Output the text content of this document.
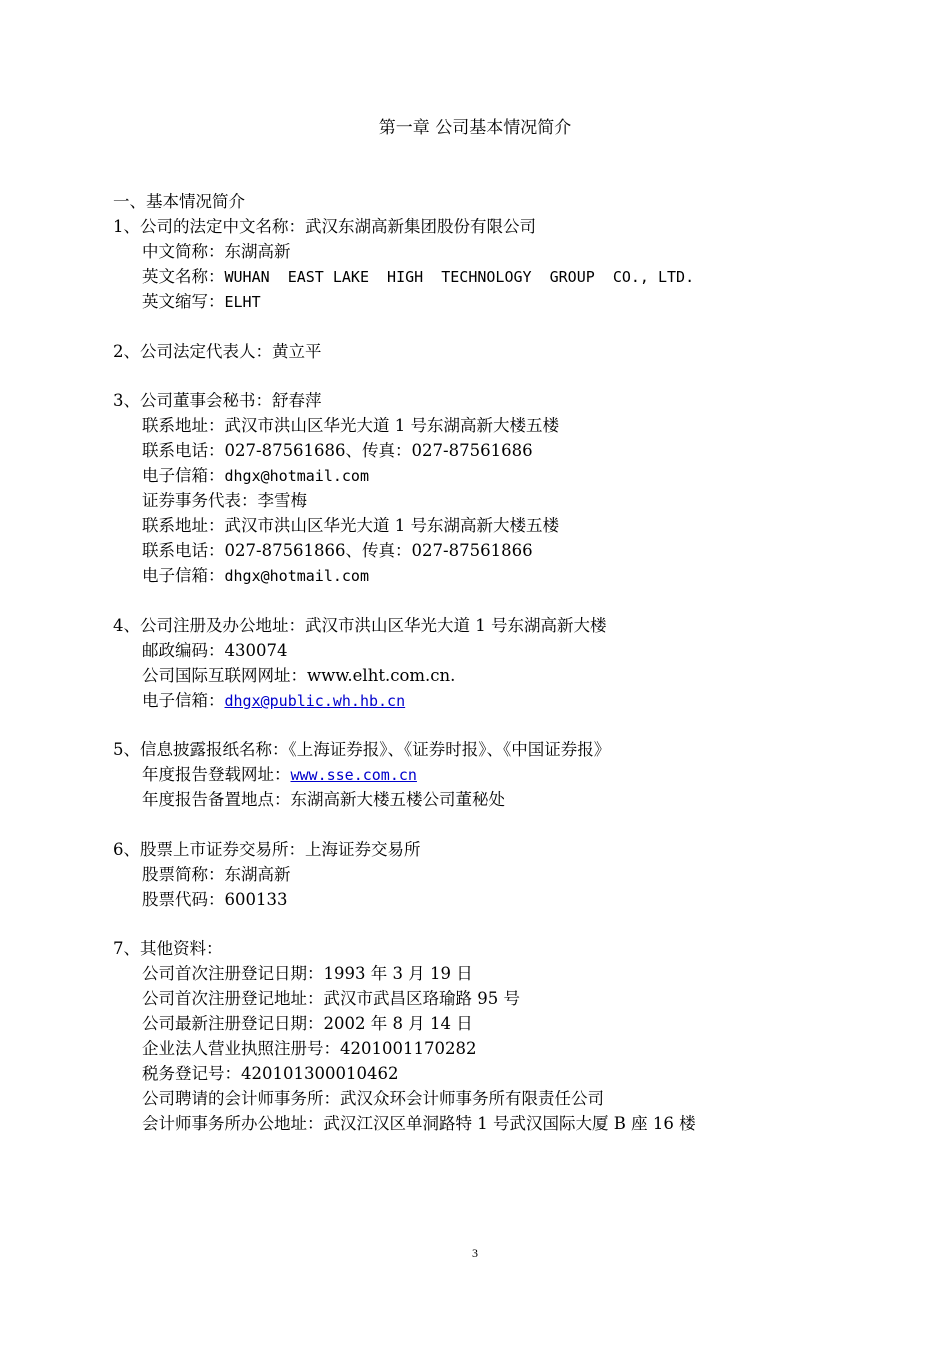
第一章 公司基本情况简介

一、基本情况简介

1、公司的法定中文名称：武汉东湖高新集团股份有限公司

中文简称：东湖高新

英文名称：WUHAN  EAST LAKE  HIGH  TECHNOLOGY  GROUP  CO., LTD.

英文缩写：ELHT

2、公司法定代表人：黄立平

3、公司董事会秘书：舒春萍

联系地址：武汉市洪山区华光大道 1 号东湖高新大楼五楼

联系电话：027-87561686、传真：027-87561686

电子信箱：dhgx@hotmail.com

证券事务代表：李雪梅

联系地址：武汉市洪山区华光大道 1 号东湖高新大楼五楼

联系电话：027-87561866、传真：027-87561866

电子信箱：dhgx@hotmail.com

4、公司注册及办公地址：武汉市洪山区华光大道 1 号东湖高新大楼

邮政编码：430074

公司国际互联网网址：www.elht.com.cn.

电子信箱：dhgx@public.wh.hb.cn

5、信息披露报纸名称：《上海证券报》、《证券时报》、《中国证券报》

年度报告登载网址：www.sse.com.cn

年度报告备置地点：东湖高新大楼五楼公司董秘处

6、股票上市证券交易所：上海证券交易所

股票简称：东湖高新

股票代码：600133

7、其他资料：

公司首次注册登记日期：1993 年 3 月 19 日

公司首次注册登记地址：武汉市武昌区珞瑜路 95 号

公司最新注册登记日期：2002 年 8 月 14 日

企业法人营业执照注册号：4201001170282

税务登记号：420101300010462

公司聘请的会计师事务所：武汉众环会计师事务所有限责任公司

会计师事务所办公地址：武汉江汉区单洞路特 1 号武汉国际大厦 B 座 16 楼

3
